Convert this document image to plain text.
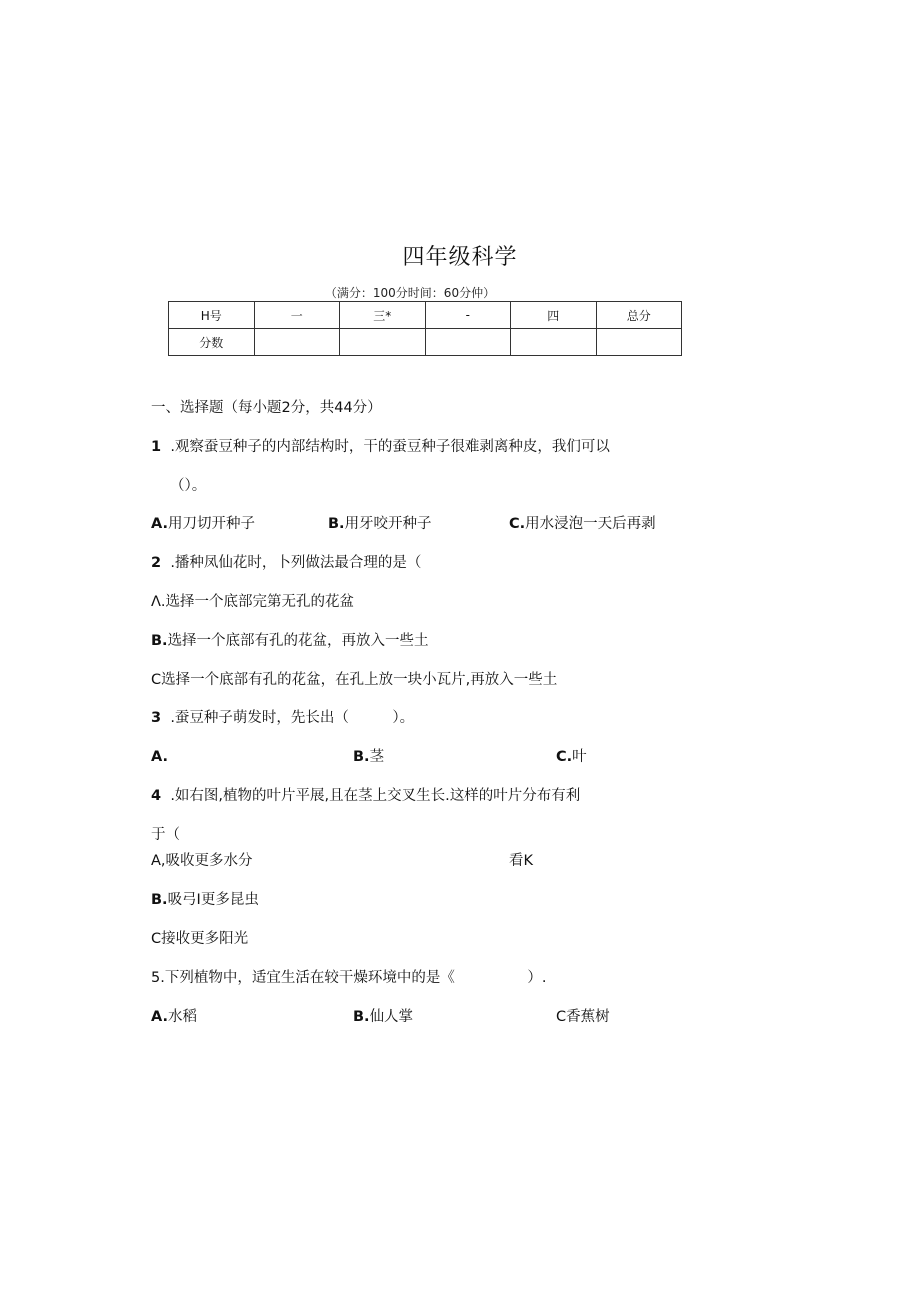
四年级科学
（满分：100分时间：60分仲）
H号	一	三*	-	四	总分
分数					
一、选择题（每小题2分，共44分）
1 .观察蚕豆种子的内部结构时，干的蚕豆种子很难剥离种皮，我们可以
（）。
A.用刀切开种子	B.用牙咬开种子	C.用水浸泡一天后再剥
2 .播种凤仙花时，卜列做法最合理的是（
Λ.选择一个底部完第无孔的花盆
B.选择一个底部有孔的花盆，再放入一些土
C选择一个底部有孔的花盆，在孔上放一块小瓦片,再放入一些土
3 .蚕豆种子萌发时，先长出（　　　）。
A.	B.茎	C.叶
4 .如右图,植物的叶片平展,且在茎上交叉生长.这样的叶片分布有利
于（
A,吸收更多水分	看K
B.吸弓I更多昆虫
C接收更多阳光
5.下列植物中，适宜生活在较干燥环境中的是《　　　　　）.
A.水稻	B.仙人掌	C香蕉树
